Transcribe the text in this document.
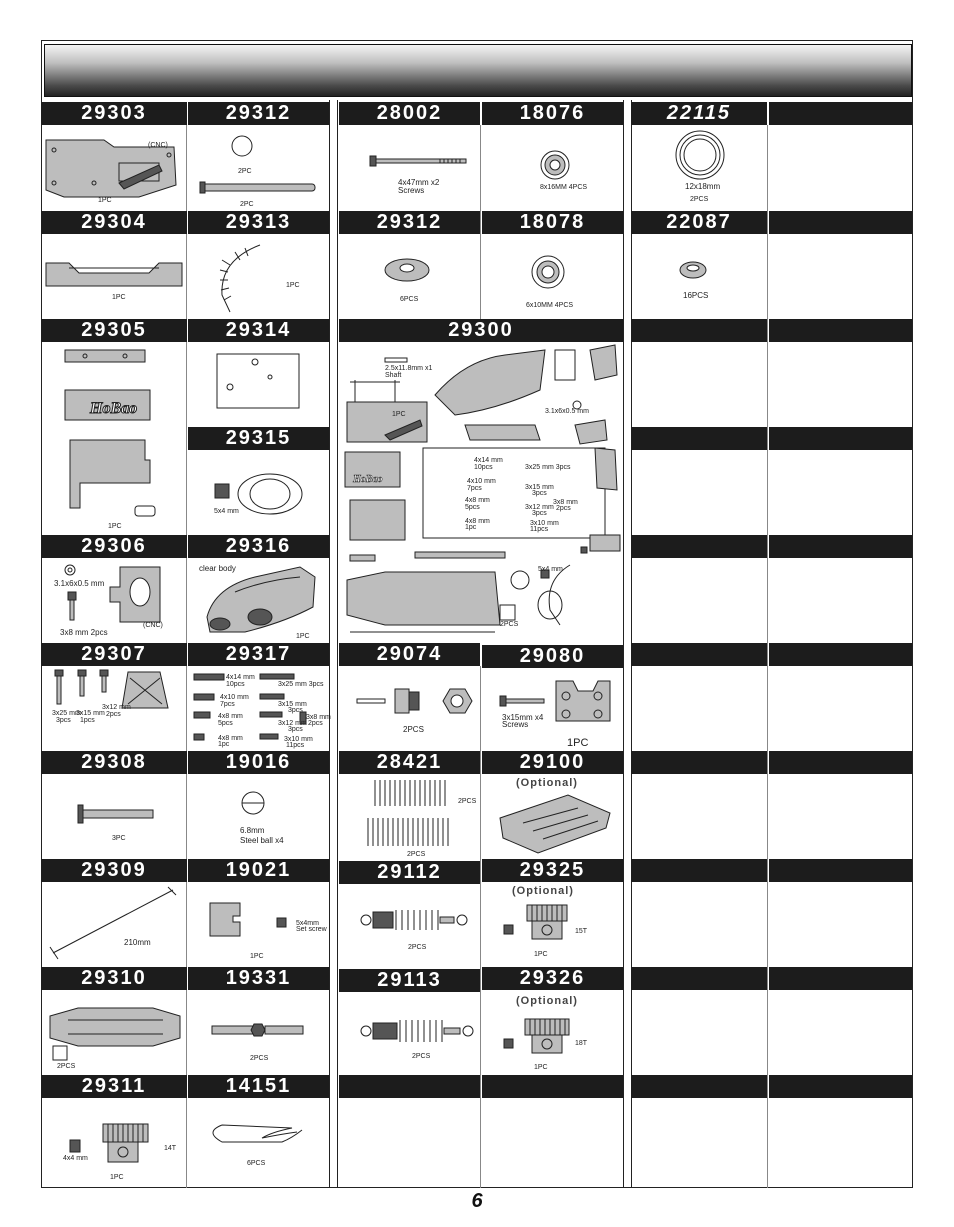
29303	29312	28002	18076	22115
(CNC)
1PC
2PC
2PC
4x47mm x2
Screws	8x16MM 4PCS	12x18mm
2PCS
29304	29313	29312	18078	22087
1PC
1PC
6PCS
6x10MM 4PCS
16PCS
29305	29314	29300
HoBao
1PC
29315
5x4 mm
HoBao
2.5x11.8mm x1
Shaft
1PC	3.1x6x0.5 mm
4x14 mm
10pcs	3x25 mm 3pcs
4x10 mm
7pcs	3x15 mm
3pcs
4x8 mm
5pcs
3x8 mm
2pcs
3x12 mm
3pcs
4x8 mm
1pc
3x10 mm
11pcs
5x4 mm
2PCS
29306	29316
3.1x6x0.5 mm
(CNC)
3x8 mm 2pcs
clear body
1PC
29307	29317	29074	29080
3x25 mm
3pcs
3x15 mm
1pcs
3x12 mm
2pcs
4x14 mm
10pcs	3x25 mm 3pcs
4x10 mm
7pcs	3x15 mm
3pcs
4x8 mm
5pcs
3x8 mm
2pcs
3x12 mm
3pcs
4x8 mm
1pc
3x10 mm
11pcs
2PCS
3x15mm x4
Screws
1PC
29308	19016	28421	29100
3PC
6.8mm
Steel ball x4
2PCS
2PCS
(Optional)
29309	19021	29112	29325
210mm
5x4mm
Set screw
1PC
2PCS
(Optional)
15T
1PC
29310	19331	29113	29326
2PCS
2PCS	2PCS
(Optional)
18T
1PC
29311	14151
4x4 mm
14T
1PC
6PCS
6
